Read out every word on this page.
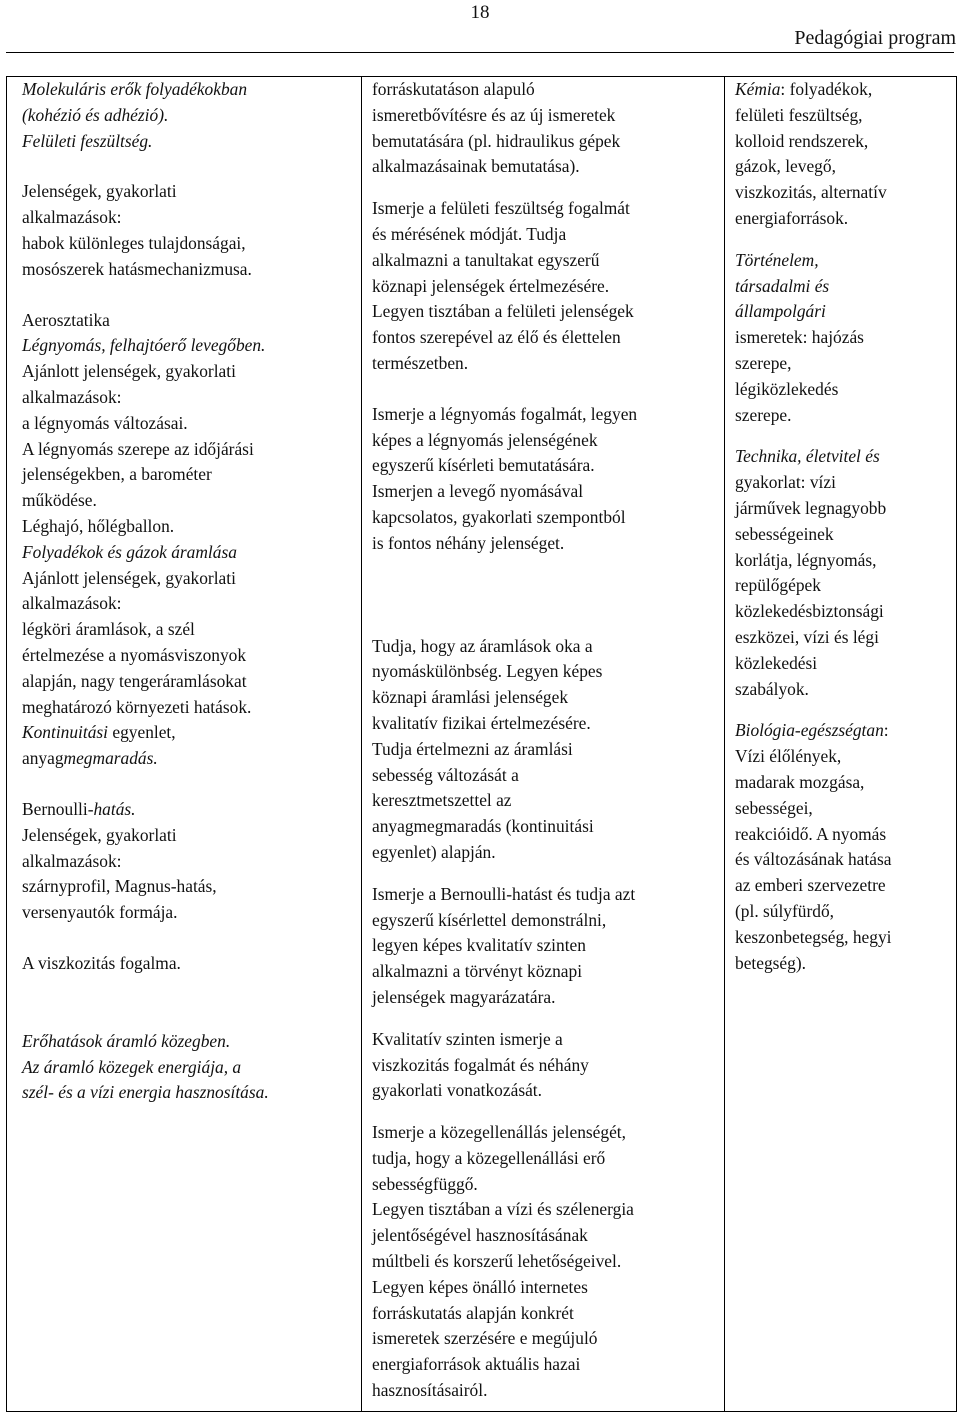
18
Pedagógiai program
Molekuláris erők folyadékokban
(kohézió és adhézió).
Felületi feszültség.
Jelenségek, gyakorlati
alkalmazások:
habok különleges tulajdonságai,
mosószerek hatásmechanizmusa.
Aerosztatika
Légnyomás, felhajtóerő levegőben.
Ajánlott jelenségek, gyakorlati
alkalmazások:
a légnyomás változásai.
A légnyomás szerepe az időjárási
jelenségekben, a barométer
működése.
Léghajó, hőlégballon.
Folyadékok és gázok áramlása
Ajánlott jelenségek, gyakorlati
alkalmazások:
légköri áramlások, a szél
értelmezése a nyomásviszonyok
alapján, nagy tengeráramlásokat
meghatározó környezeti hatások.
Kontinuitási egyenlet,
anyagmegmaradás.
Bernoulli-hatás.
Jelenségek, gyakorlati
alkalmazások:
szárnyprofil, Magnus-hatás,
versenyautók formája.
A viszkozitás fogalma.
Erőhatások áramló közegben.
Az áramló közegek energiája, a
szél- és a vízi energia hasznosítása.

forráskutatáson alapuló
ismeretbővítésre és az új ismeretek
bemutatására (pl. hidraulikus gépek
alkalmazásainak bemutatása).
Ismerje a felületi feszültség fogalmát
és mérésének módját. Tudja
alkalmazni a tanultakat egyszerű
köznapi jelenségek értelmezésére.
Legyen tisztában a felületi jelenségek
fontos szerepével az élő és élettelen
természetben.
Ismerje a légnyomás fogalmát, legyen
képes a légnyomás jelenségének
egyszerű kísérleti bemutatására.
Ismerjen a levegő nyomásával
kapcsolatos, gyakorlati szempontból
is fontos néhány jelenséget.
Tudja, hogy az áramlások oka a
nyomáskülönbség. Legyen képes
köznapi áramlási jelenségek
kvalitatív fizikai értelmezésére.
Tudja értelmezni az áramlási
sebesség változását a
keresztmetszettel az
anyagmegmaradás (kontinuitási
egyenlet) alapján.
Ismerje a Bernoulli-hatást és tudja azt
egyszerű kísérlettel demonstrálni,
legyen képes kvalitatív szinten
alkalmazni a törvényt köznapi
jelenségek magyarázatára.
Kvalitatív szinten ismerje a
viszkozitás fogalmát és néhány
gyakorlati vonatkozását.
Ismerje a közegellenállás jelenségét,
tudja, hogy a közegellenállási erő
sebességfüggő.
Legyen tisztában a vízi és szélenergia
jelentőségével hasznosításának
múltbeli és korszerű lehetőségeivel.
Legyen képes önálló internetes
forráskutatás alapján konkrét
ismeretek szerzésére e megújuló
energiaforrások aktuális hazai
hasznosításairól.

Kémia: folyadékok,
felületi feszültség,
kolloid rendszerek,
gázok, levegő,
viszkozitás, alternatív
energiaforrások.
Történelem,
társadalmi és
állampolgári
ismeretek: hajózás
szerepe,
légiközlekedés
szerepe.
Technika, életvitel és
gyakorlat: vízi
járművek legnagyobb
sebességeinek
korlátja, légnyomás,
repülőgépek
közlekedésbiztonsági
eszközei, vízi és légi
közlekedési
szabályok.
Biológia-egészségtan:
Vízi élőlények,
madarak mozgása,
sebességei,
reakcióidő. A nyomás
és változásának hatása
az emberi szervezetre
(pl. súlyfürdő,
keszonbetegség, hegyi
betegség).
